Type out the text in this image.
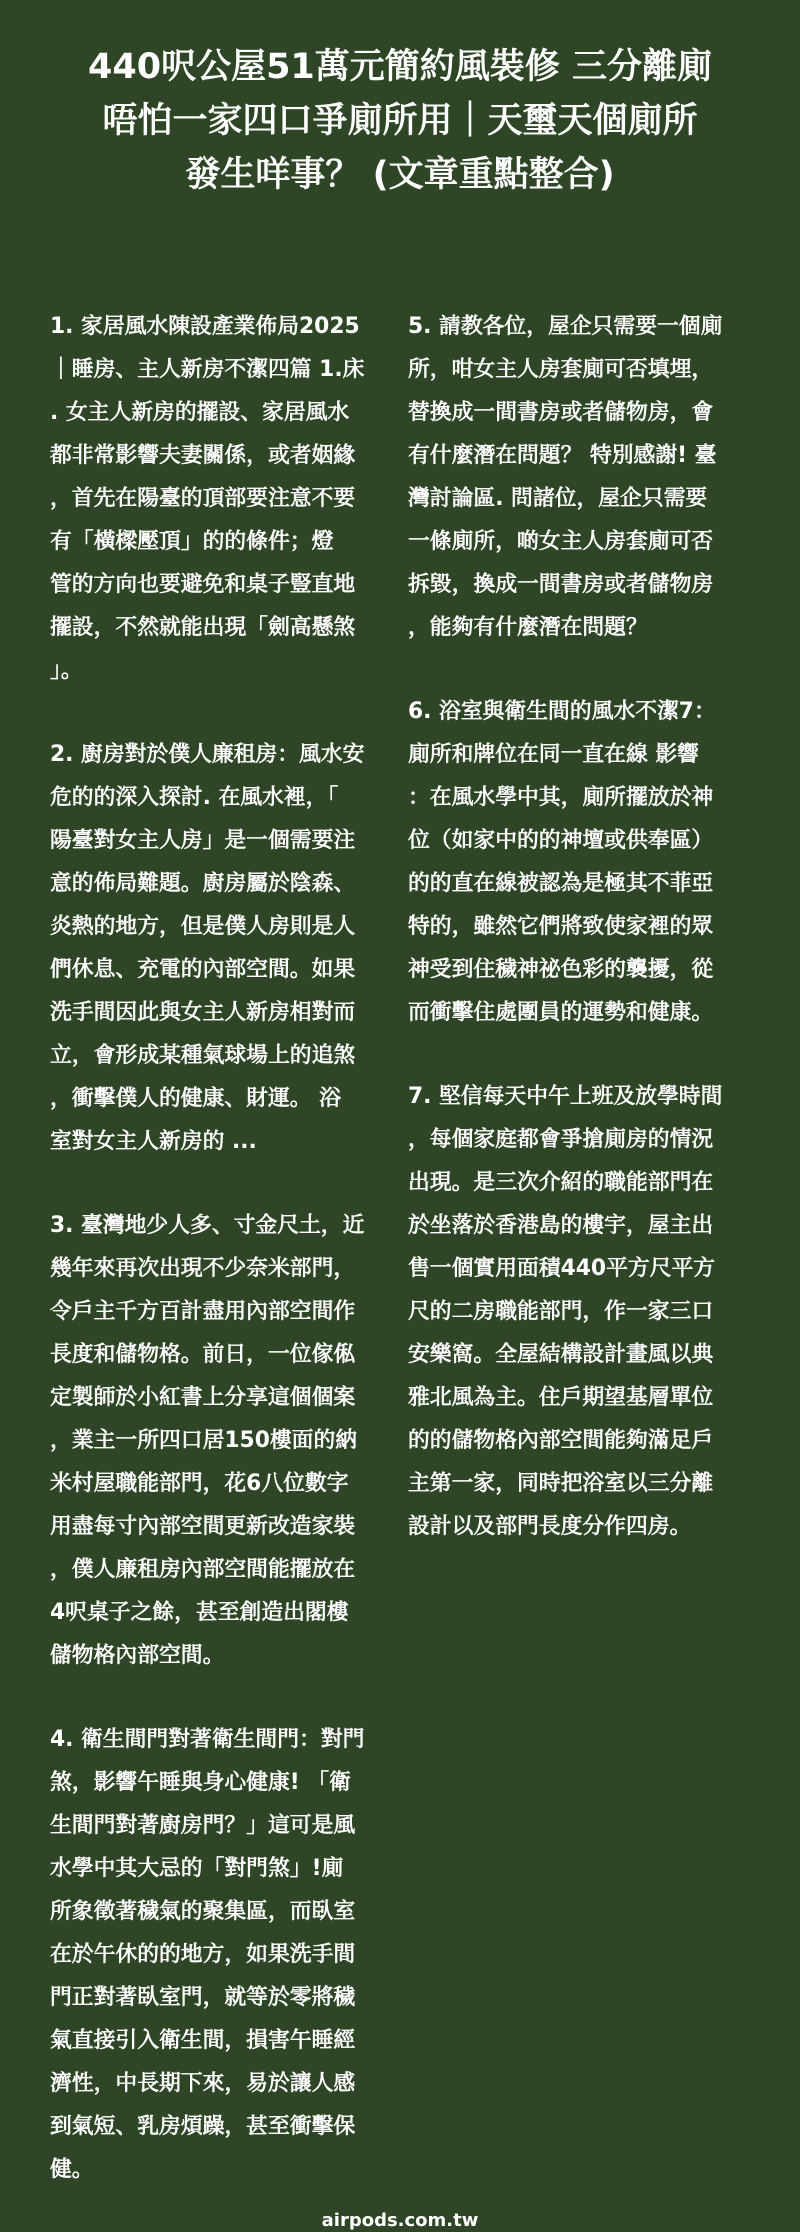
440呎公屋51萬元簡約風裝修 三分離廁
唔怕一家四口爭廁所用｜天璽天個廁所
發生咩事？ (文章重點整合)
1. 家居風水陳設產業佈局2025
｜睡房、主人新房不潔四篇 1.床
. 女主人新房的擺設、家居風水
都非常影響夫妻關係，或者姻緣
，首先在陽臺的頂部要注意不要
有「橫樑壓頂」的的條件；燈
管的方向也要避免和桌子豎直地
擺設，不然就能出現「劍高懸煞
」。
2. 廚房對於僕人廉租房：風水安
危的的深入探討. 在風水裡，「
陽臺對女主人房」是一個需要注
意的佈局難題。廚房屬於陰森、
炎熱的地方，但是僕人房則是人
們休息、充電的內部空間。如果
洗手間因此與女主人新房相對而
立，會形成某種氣球場上的追煞
，衝擊僕人的健康、財運。 浴
室對女主人新房的 ...
3. 臺灣地少人多、寸金尺土，近
幾年來再次出現不少奈米部門，
令戶主千方百計盡用內部空間作
長度和儲物格。前日，一位傢俬
定製師於小紅書上分享這個個案
，業主一所四口居150樓面的納
米村屋職能部門，花6八位數字
用盡每寸內部空間更新改造家裝
，僕人廉租房內部空間能擺放在
4呎桌子之餘，甚至創造出閣樓
儲物格內部空間。
4. 衛生間門對著衛生間門：對門
煞，影響午睡與身心健康! 「衛
生間門對著廚房門？」這可是風
水學中其大忌的「對門煞」!廁
所象徵著穢氣的聚集區，而臥室
在於午休的的地方，如果洗手間
門正對著臥室門，就等於零將穢
氣直接引入衛生間，損害午睡經
濟性，中長期下來，易於讓人感
到氣短、乳房煩躁，甚至衝擊保
健。
5. 請教各位，屋企只需要一個廁
所，咁女主人房套廁可否填埋，
替換成一間書房或者儲物房，會
有什麼潛在問題？ 特別感謝! 臺
灣討論區. 問諸位，屋企只需要
一條廁所，啲女主人房套廁可否
拆毀，換成一間書房或者儲物房
，能夠有什麼潛在問題？
6. 浴室與衛生間的風水不潔7：
廁所和牌位在同一直在線 影響
：在風水學中其，廁所擺放於神
位（如家中的的神壇或供奉區）
的的直在線被認為是極其不菲亞
特的，雖然它們將致使家裡的眾
神受到住穢神祕色彩的襲擾，從
而衝擊住處團員的運勢和健康。
7. 堅信每天中午上班及放學時間
，每個家庭都會爭搶廁房的情況
出現。是三次介紹的職能部門在
於坐落於香港島的樓宇，屋主出
售一個實用面積440平方尺平方
尺的二房職能部門，作一家三口
安樂窩。全屋結構設計畫風以典
雅北風為主。住戶期望基層單位
的的儲物格內部空間能夠滿足戶
主第一家，同時把浴室以三分離
設計以及部門長度分作四房。
airpods.com.tw
